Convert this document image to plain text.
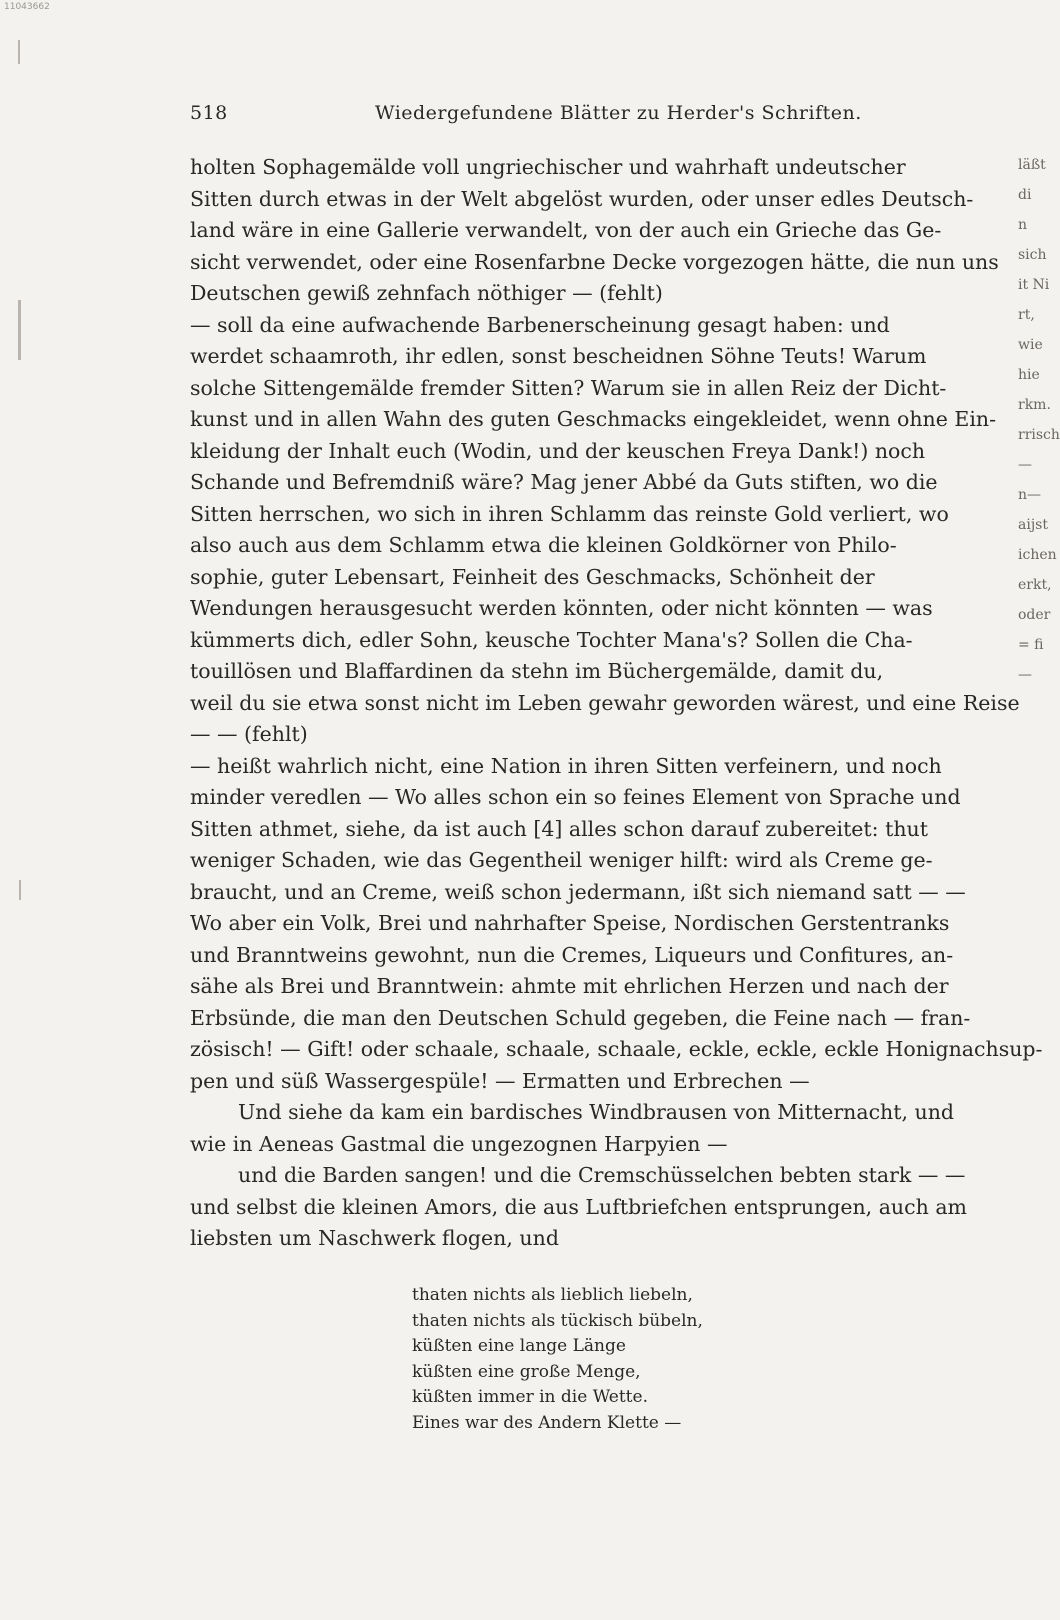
11043662
518	Wiedergefundene Blätter zu Herder's Schriften.
holten Sophagemälde voll ungriechischer und wahrhaft undeutscher
Sitten durch etwas in der Welt abgelöst wurden, oder unser edles Deutsch-
land wäre in eine Gallerie verwandelt, von der auch ein Grieche das Ge-
sicht verwendet, oder eine Rosenfarbne Decke vorgezogen hätte, die nun uns
Deutschen gewiß zehnfach nöthiger — (fehlt)
— soll da eine aufwachende Barbenerscheinung gesagt haben: und
werdet schaamroth, ihr edlen, sonst bescheidnen Söhne Teuts! Warum
solche Sittengemälde fremder Sitten? Warum sie in allen Reiz der Dicht-
kunst und in allen Wahn des guten Geschmacks eingekleidet, wenn ohne Ein-
kleidung der Inhalt euch (Wodin, und der keuschen Freya Dank!) noch
Schande und Befremdniß wäre? Mag jener Abbé da Guts stiften, wo die
Sitten herrschen, wo sich in ihren Schlamm das reinste Gold verliert, wo
also auch aus dem Schlamm etwa die kleinen Goldkörner von Philo-
sophie, guter Lebensart, Feinheit des Geschmacks, Schönheit der
Wendungen herausgesucht werden könnten, oder nicht könnten — was
kümmerts dich, edler Sohn, keusche Tochter Mana's? Sollen die Cha-
touillösen und Blaffardinen da stehn im Büchergemälde, damit du,
weil du sie etwa sonst nicht im Leben gewahr geworden wärest, und eine Reise
— — (fehlt)
— heißt wahrlich nicht, eine Nation in ihren Sitten verfeinern, und noch
minder veredlen — Wo alles schon ein so feines Element von Sprache und
Sitten athmet, siehe, da ist auch [4] alles schon darauf zubereitet: thut
weniger Schaden, wie das Gegentheil weniger hilft: wird als Creme ge-
braucht, und an Creme, weiß schon jedermann, ißt sich niemand satt — —
Wo aber ein Volk, Brei und nahrhafter Speise, Nordischen Gerstentranks
und Branntweins gewohnt, nun die Cremes, Liqueurs und Confitures, an-
sähe als Brei und Branntwein: ahmte mit ehrlichen Herzen und nach der
Erbsünde, die man den Deutschen Schuld gegeben, die Feine nach — fran-
zösisch! — Gift! oder schaale, schaale, schaale, eckle, eckle, eckle Honignachsup-
pen und süß Wassergespüle! — Ermatten und Erbrechen —
Und siehe da kam ein bardisches Windbrausen von Mitternacht, und
wie in Aeneas Gastmal die ungezognen Harpyien —
und die Barden sangen! und die Cremschüsselchen bebten stark — —
und selbst die kleinen Amors, die aus Luftbriefchen entsprungen, auch am
liebsten um Naschwerk flogen, und
thaten nichts als lieblich liebeln,
thaten nichts als tückisch bübeln,
küßten eine lange Länge
küßten eine große Menge,
küßten immer in die Wette.
Eines war des Andern Klette —
läßt di
n sich
it Ni
rt, wie
hie
rkm.
rrisch
—
n—
aijst
ichen
erkt,
oder
= fi
—
